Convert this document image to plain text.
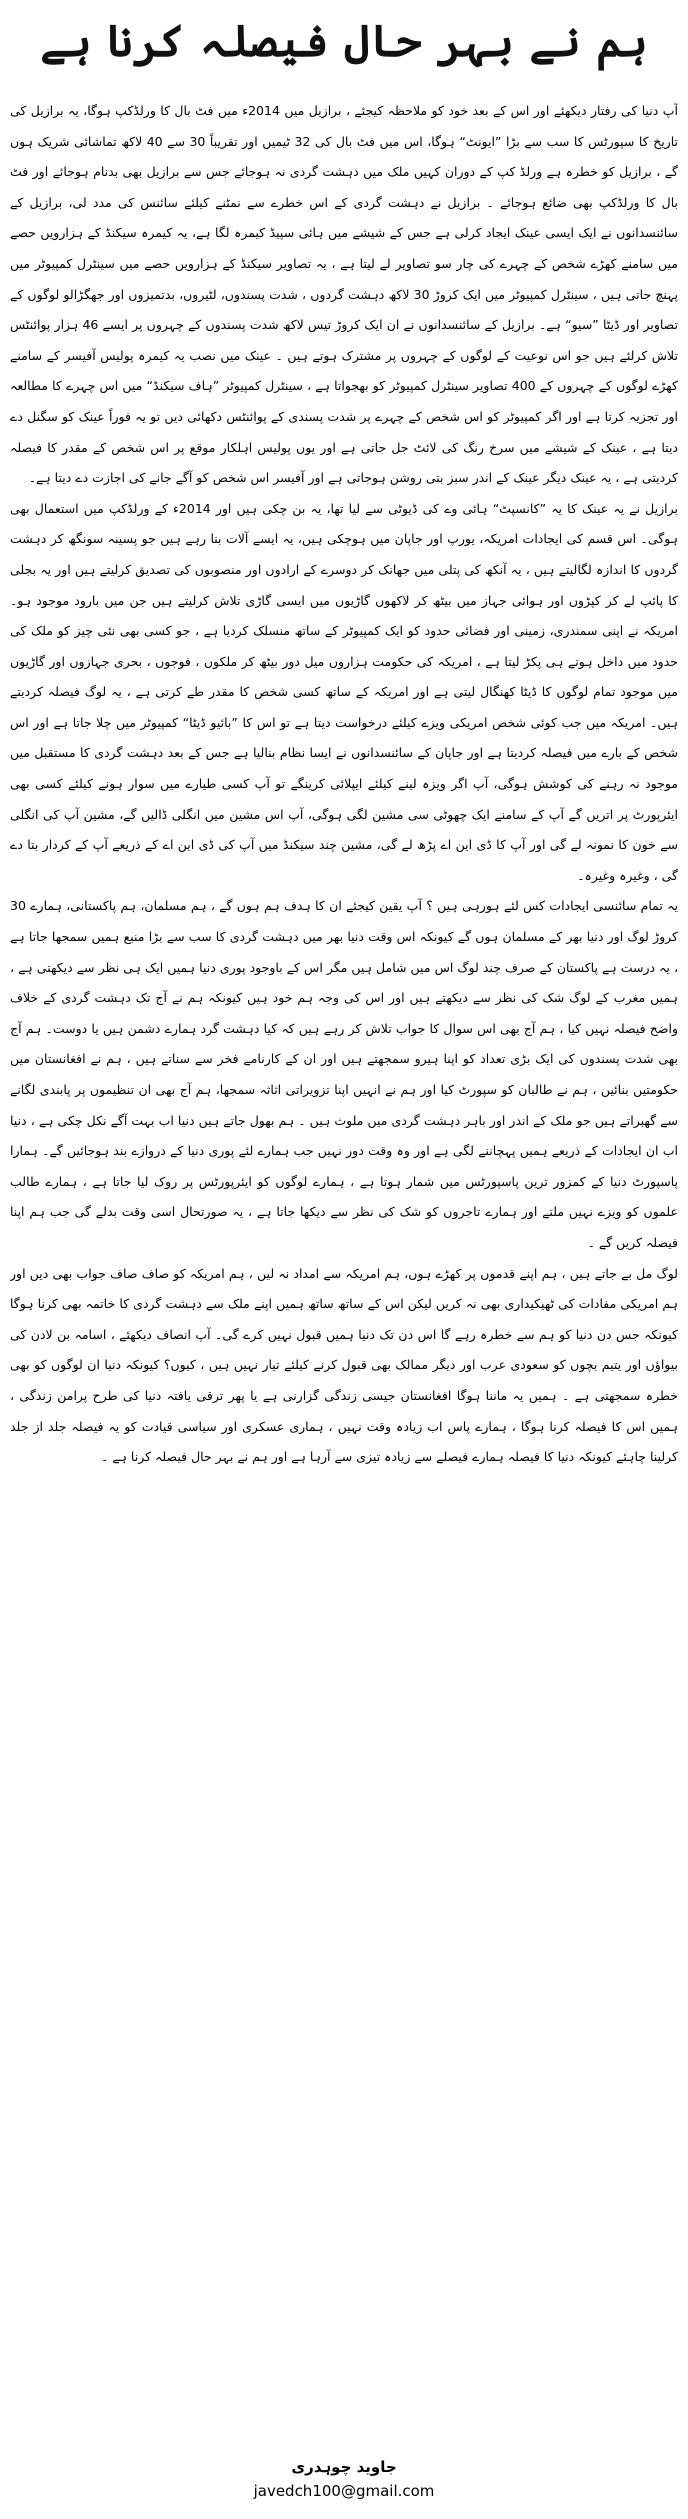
ہم نے بہر حال فیصلہ کرنا ہے

آپ دنیا کی رفتار دیکھئے اور اس کے بعد خود کو ملاحظہ کیجئے ، برازیل میں 2014ء میں فٹ بال کا ورلڈکپ ہوگا، یہ برازیل کی تاریخ کا سپورٹس کا سب سے بڑا ”ایونٹ“ ہوگا، اس میں فٹ بال کی 32 ٹیمیں اور تقریباً 30 سے 40 لاکھ تماشائی شریک ہوں گے ، برازیل کو خطرہ ہے ورلڈ کپ کے دوران کہیں ملک میں دہشت گردی نہ ہوجائے جس سے برازیل بھی بدنام ہوجائے اور فٹ بال کا ورلڈکپ بھی ضائع ہوجائے ۔ برازیل نے دہشت گردی کے اس خطرے سے نمٹنے کیلئے سائنس کی مدد لی، برازیل کے سائنسدانوں نے ایک ایسی عینک ایجاد کرلی ہے جس کے شیشے میں ہائی سپیڈ کیمرہ لگا ہے، یہ کیمرہ سیکنڈ کے ہزارویں حصے میں سامنے کھڑے شخص کے چہرے کی چار سو تصاویر لے لیتا ہے ، یہ تصاویر سیکنڈ کے ہزارویں حصے میں سینٹرل کمپیوٹر میں پہنچ جاتی ہیں ، سینٹرل کمپیوٹر میں ایک کروڑ 30 لاکھ دہشت گردوں ، شدت پسندوں، لٹیروں، بدتمیزوں اور جھگڑالو لوگوں کے تصاویر اور ڈیٹا ”سیو“ ہے۔ برازیل کے سائنسدانوں نے ان ایک کروڑ تیس لاکھ شدت پسندوں کے چہروں پر ایسے 46 ہزار پوائنٹس تلاش کرلئے ہیں جو اس نوعیت کے لوگوں کے چہروں پر مشترک ہوتے ہیں ۔ عینک میں نصب یہ کیمرہ پولیس آفیسر کے سامنے کھڑے لوگوں کے چہروں کے 400 تصاویر سینٹرل کمپیوٹر کو بھجواتا ہے ، سینٹرل کمپیوٹر ”ہاف سیکنڈ“ میں اس چہرے کا مطالعہ اور تجزیہ کرتا ہے اور اگر کمپیوٹر کو اس شخص کے چہرے پر شدت پسندی کے پوائنٹس دکھائی دیں تو یہ فوراً عینک کو سگنل دے دیتا ہے ، عینک کے شیشے میں سرخ رنگ کی لائٹ جل جاتی ہے اور یوں پولیس اہلکار موقع پر اس شخص کے مقدر کا فیصلہ کردیتی ہے ، یہ عینک دیگر عینک کے اندر سبز بتی روشن ہوجاتی ہے اور آفیسر اس شخص کو آگے جانے کی اجازت دے دیتا ہے۔

برازیل نے یہ عینک کا یہ ”کانسپٹ“ ہائی وے کی ڈیوٹی سے لیا تھا، یہ بن چکی ہیں اور 2014ء کے ورلڈکپ میں استعمال بھی ہوگی۔ اس قسم کی ایجادات امریکہ، یورپ اور جاپان میں ہوچکی ہیں، یہ ایسے آلات بنا رہے ہیں جو پسینہ سونگھ کر دہشت گردوں کا اندازہ لگالیتے ہیں ، یہ آنکھ کی پتلی میں جھانک کر دوسرے کے ارادوں اور منصوبوں کی تصدیق کرلیتے ہیں اور یہ بجلی کا پائپ لے کر کپڑوں اور ہوائی جہاز میں بیٹھ کر لاکھوں گاڑیوں میں ایسی گاڑی تلاش کرلیتے ہیں جن میں بارود موجود ہو۔ امریکہ نے اپنی سمندری، زمینی اور فضائی حدود کو ایک کمپیوٹر کے ساتھ منسلک کردیا ہے ، جو کسی بھی نئی چیز کو ملک کی حدود میں داخل ہوتے ہی پکڑ لیتا ہے ، امریکہ کی حکومت ہزاروں میل دور بیٹھ کر ملکوں ، فوجوں ، بحری جہازوں اور گاڑیوں میں موجود تمام لوگوں کا ڈیٹا کھنگال لیتی ہے اور امریکہ کے ساتھ کسی شخص کا مقدر طے کرتی ہے ، یہ لوگ فیصلہ کردیتے ہیں۔ امریکہ میں جب کوئی شخص امریکی ویزے کیلئے درخواست دیتا ہے تو اس کا ”بائیو ڈیٹا“ کمپیوٹر میں چلا جاتا ہے اور اس شخص کے بارے میں فیصلہ کردیتا ہے اور جاپان کے سائنسدانوں نے ایسا نظام بنالیا ہے جس کے بعد دہشت گردی کا مستقبل میں موجود نہ رہنے کی کوشش ہوگی، آپ اگر ویزہ لینے کیلئے ایپلائی کرینگے تو آپ کسی طیارے میں سوار ہونے کیلئے کسی بھی ایئرپورٹ پر اتریں گے آپ کے سامنے ایک چھوٹی سی مشین لگی ہوگی، آپ اس مشین میں انگلی ڈالیں گے، مشین آپ کی انگلی سے خون کا نمونہ لے گی اور آپ کا ڈی این اے پڑھ لے گی، مشین چند سیکنڈ میں آپ کی ڈی این اے کے ذریعے آپ کے کردار بتا دے گی ، وغیرہ وغیرہ۔

یہ تمام سائنسی ایجادات کس لئے ہورہی ہیں ؟ آپ یقین کیجئے ان کا ہدف ہم ہوں گے ، ہم مسلمان، ہم پاکستانی، ہمارے 30 کروڑ لوگ اور دنیا بھر کے مسلمان ہوں گے کیونکہ اس وقت دنیا بھر میں دہشت گردی کا سب سے بڑا منبع ہمیں سمجھا جاتا ہے ، یہ درست ہے پاکستان کے صرف چند لوگ اس میں شامل ہیں مگر اس کے باوجود پوری دنیا ہمیں ایک ہی نظر سے دیکھتی ہے ، ہمیں مغرب کے لوگ شک کی نظر سے دیکھتے ہیں اور اس کی وجہ ہم خود ہیں کیونکہ ہم نے آج تک دہشت گردی کے خلاف واضح فیصلہ نہیں کیا ، ہم آج بھی اس سوال کا جواب تلاش کر رہے ہیں کہ کیا دہشت گرد ہمارے دشمن ہیں یا دوست۔ ہم آج بھی شدت پسندوں کی ایک بڑی تعداد کو اپنا ہیرو سمجھتے ہیں اور ان کے کارنامے فخر سے سناتے ہیں ، ہم نے افغانستان میں حکومتیں بنائیں ، ہم نے طالبان کو سپورٹ کیا اور ہم نے انہیں اپنا تزویراتی اثاثہ سمجھا، ہم آج بھی ان تنظیموں پر پابندی لگانے سے گھبراتے ہیں جو ملک کے اندر اور باہر دہشت گردی میں ملوث ہیں ۔ ہم بھول جاتے ہیں دنیا اب بہت آگے نکل چکی ہے ، دنیا اب ان ایجادات کے ذریعے ہمیں پہچاننے لگی ہے اور وہ وقت دور نہیں جب ہمارے لئے پوری دنیا کے دروازے بند ہوجائیں گے۔ ہمارا پاسپورٹ دنیا کے کمزور ترین پاسپورٹس میں شمار ہوتا ہے ، ہمارے لوگوں کو ایئرپورٹس پر روک لیا جاتا ہے ، ہمارے طالب علموں کو ویزے نہیں ملتے اور ہمارے تاجروں کو شک کی نظر سے دیکھا جاتا ہے ، یہ صورتحال اسی وقت بدلے گی جب ہم اپنا فیصلہ کریں گے ۔

لوگ مل بے جاتے ہیں ، ہم اپنے قدموں پر کھڑے ہوں، ہم امریکہ سے امداد نہ لیں ، ہم امریکہ کو صاف صاف جواب بھی دیں اور ہم امریکی مفادات کی ٹھیکیداری بھی نہ کریں لیکن اس کے ساتھ ساتھ ہمیں اپنے ملک سے دہشت گردی کا خاتمہ بھی کرنا ہوگا کیونکہ جس دن دنیا کو ہم سے خطرہ رہے گا اس دن تک دنیا ہمیں قبول نہیں کرے گی۔ آپ انصاف دیکھئے ، اسامہ بن لادن کی بیواؤں اور یتیم بچوں کو سعودی عرب اور دیگر ممالک بھی قبول کرنے کیلئے تیار نہیں ہیں ، کیوں؟ کیونکہ دنیا ان لوگوں کو بھی خطرہ سمجھتی ہے ۔ ہمیں یہ ماننا ہوگا افغانستان جیسی زندگی گزارنی ہے یا پھر ترقی یافتہ دنیا کی طرح پرامن زندگی ، ہمیں اس کا فیصلہ کرنا ہوگا ، ہمارے پاس اب زیادہ وقت نہیں ، ہماری عسکری اور سیاسی قیادت کو یہ فیصلہ جلد از جلد کرلینا چاہئے کیونکہ دنیا کا فیصلہ ہمارے فیصلے سے زیادہ تیزی سے آرہا ہے اور ہم نے بہر حال فیصلہ کرنا ہے ۔

جاوید چوہدری
javedch100@gmail.com
